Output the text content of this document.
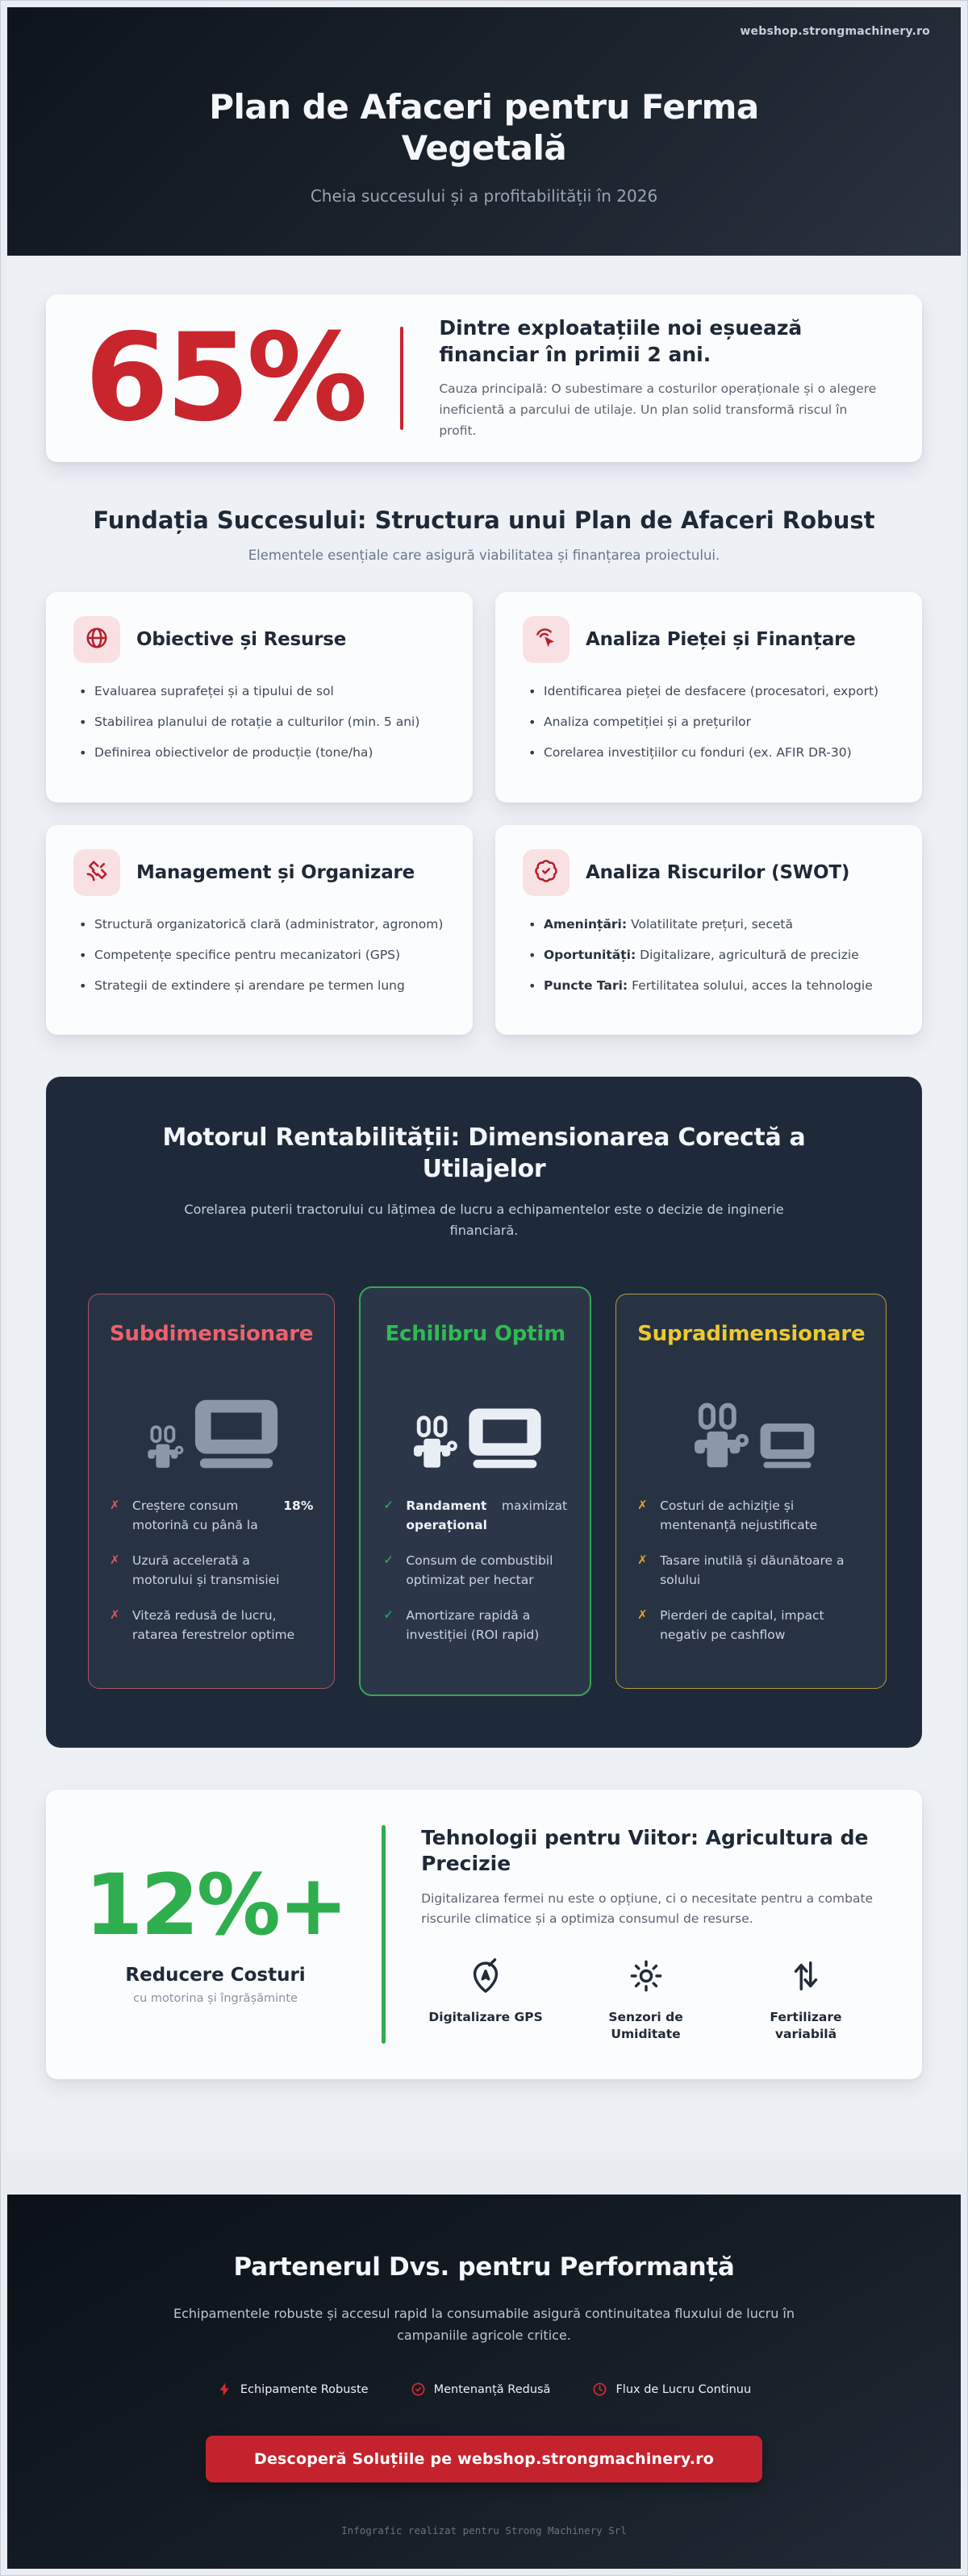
webshop.strongmachinery.ro
Plan de Afaceri pentru Ferma Vegetală
Cheia succesului și a profitabilității în 2026
65%	Dintre exploatațiile noi eșuează financiar în primii 2 ani.
Cauza principală: O subestimare a costurilor operaționale și o alegere ineficientă a parcului de utilaje. Un plan solid transformă riscul în profit.
Fundația Succesului: Structura unui Plan de Afaceri Robust
Elementele esențiale care asigură viabilitatea și finanțarea proiectului.
Obiective și Resurse
• Evaluarea suprafeței și a tipului de sol
• Stabilirea planului de rotație a culturilor (min. 5 ani)
• Definirea obiectivelor de producție (tone/ha)
Analiza Pieței și Finanțare
• Identificarea pieței de desfacere (procesatori, export)
• Analiza competiției și a prețurilor
• Corelarea investițiilor cu fonduri (ex. AFIR DR-30)
Management și Organizare
• Structură organizatorică clară (administrator, agronom)
• Competențe specifice pentru mecanizatori (GPS)
• Strategii de extindere și arendare pe termen lung
Analiza Riscurilor (SWOT)
• Amenințări: Volatilitate prețuri, secetă
• Oportunități: Digitalizare, agricultură de precizie
• Puncte Tari: Fertilitatea solului, acces la tehnologie
Motorul Rentabilității: Dimensionarea Corectă a Utilajelor
Corelarea puterii tractorului cu lățimea de lucru a echipamentelor este o decizie de inginerie financiară.
Subdimensionare
✗
Creștere consum motorină cu până la
18%
✗
Uzură accelerată a motorului și transmisiei
✗
Viteză redusă de lucru, ratarea ferestrelor optime
Echilibru Optim
✓
Randament operațional
maximizat
✓
Consum de combustibil optimizat per hectar
✓
Amortizare rapidă a investiției (ROI rapid)
Supradimensionare
✗
Costuri de achiziție și mentenanță nejustificate
✗
Tasare inutilă și dăunătoare a solului
✗
Pierderi de capital, impact negativ pe cashflow
12%+
Reducere Costuri
cu motorina și îngrășăminte
Tehnologii pentru Viitor: Agricultura de Precizie
Digitalizarea fermei nu este o opțiune, ci o necesitate pentru a combate riscurile climatice și a optimiza consumul de resurse.
Digitalizare GPS	Senzori de Umiditate
Fertilizare variabilă
Partenerul Dvs. pentru Performanță
Echipamentele robuste și accesul rapid la consumabile asigură continuitatea fluxului de lucru în campaniile agricole critice.
Echipamente Robuste	Mentenanță Redusă	Flux de Lucru Continuu
Descoperă Soluțiile pe webshop.strongmachinery.ro
Infografic realizat pentru Strong Machinery Srl
